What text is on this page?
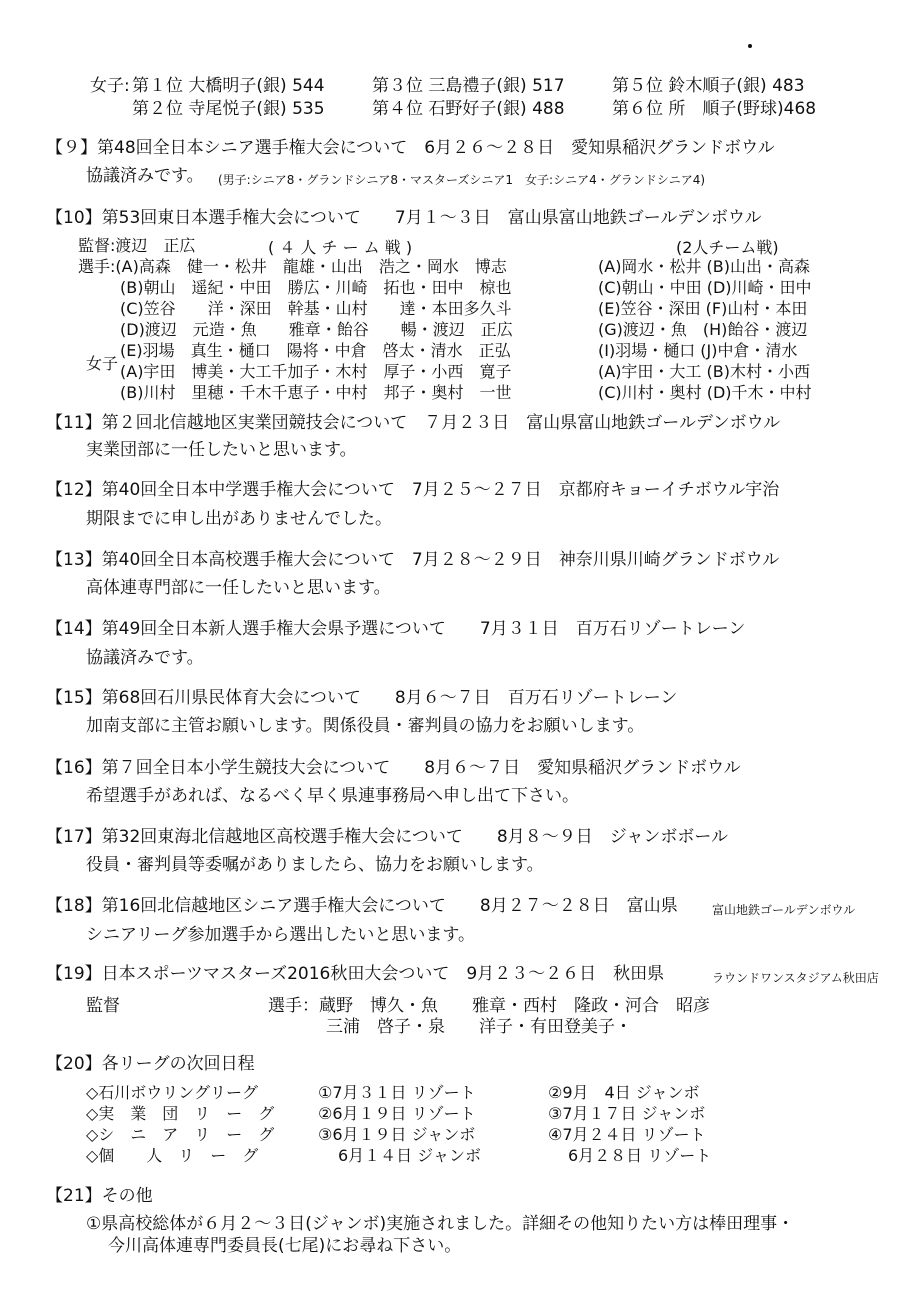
女子: 第１位 大橋明子(銀) 544	第３位 三島禮子(銀) 517	第５位 鈴木順子(銀) 483
第２位 寺尾悦子(銀) 535	第４位 石野好子(銀) 488	第６位 所　順子(野球)468
【９】第48回全日本シニア選手権大会について　6月２６～２８日　愛知県稲沢グランドボウル
協議済みです。 (男子:シニア8・グランドシニア8・マスターズシニア1　女子:シニア4・グランドシニア4)
【10】第53回東日本選手権大会について　　7月１～３日　富山県富山地鉄ゴールデンボウル
監督:渡辺　正広	( ４ 人 チ ー ム 戦 )	(2人チーム戦)
選手:(A)高森　健一・松井　龍雄・山出　浩之・岡水　博志	(A)岡水・松井 (B)山出・高森
(B)朝山　遥紀・中田　勝広・川崎　拓也・田中　椋也	(C)朝山・中田 (D)川崎・田中
(C)笠谷　　洋・深田　幹基・山村　　達・本田多久斗	(E)笠谷・深田 (F)山村・本田
(D)渡辺　元造・魚　　雅章・飴谷　　暢・渡辺　正広	(G)渡辺・魚　(H)飴谷・渡辺
(E)羽場　真生・樋口　陽将・中倉　啓太・清水　正弘	(I)羽場・樋口 (J)中倉・清水
女子 (A)宇田　博美・大工千加子・木村　厚子・小西　寛子	(A)宇田・大工 (B)木村・小西
(B)川村　里穂・千木千恵子・中村　邦子・奥村　一世	(C)川村・奥村 (D)千木・中村
【11】第２回北信越地区実業団競技会について　７月２３日　富山県富山地鉄ゴールデンボウル
実業団部に一任したいと思います。
【12】第40回全日本中学選手権大会について　7月２５～２７日　京都府キョーイチボウル宇治
期限までに申し出がありませんでした。
【13】第40回全日本高校選手権大会について　7月２８～２９日　神奈川県川崎グランドボウル
高体連専門部に一任したいと思います。
【14】第49回全日本新人選手権大会県予選について　　7月３１日　百万石リゾートレーン
協議済みです。
【15】第68回石川県民体育大会について　　8月６～７日　百万石リゾートレーン
加南支部に主管お願いします。関係役員・審判員の協力をお願いします。
【16】第７回全日本小学生競技大会について　　8月６～７日　愛知県稲沢グランドボウル
希望選手があれば、なるべく早く県連事務局へ申し出て下さい。
【17】第32回東海北信越地区高校選手権大会について　　8月８～９日　ジャンボボール
役員・審判員等委嘱がありましたら、協力をお願いします。
【18】第16回北信越地区シニア選手権大会について　　8月２７～２８日　富山県	富山地鉄ゴールデンボウル
シニアリーグ参加選手から選出したいと思います。
【19】日本スポーツマスターズ2016秋田大会ついて　9月２３～２６日　秋田県	ラウンドワンスタジアム秋田店
監督	選手：蔵野　博久・魚　　雅章・西村　隆政・河合　昭彦
三浦　啓子・泉　　洋子・有田登美子・
【20】各リーグの次回日程
◇石川ボウリングリーグ	①7月３１日 リゾート	②9月　4日 ジャンボ
◇実　業　団　リ　ー　グ	②6月１９日 リゾート	③7月１７日 ジャンボ
◇シ　ニ　ア　リ　ー　グ	③6月１９日 ジャンボ	④7月２４日 リゾート
◇個　　人　リ　ー　グ	6月１４日 ジャンボ	6月２８日 リゾート
【21】その他
①県高校総体が６月２～３日(ジャンボ)実施されました。詳細その他知りたい方は棒田理事・
今川高体連専門委員長(七尾)にお尋ね下さい。
